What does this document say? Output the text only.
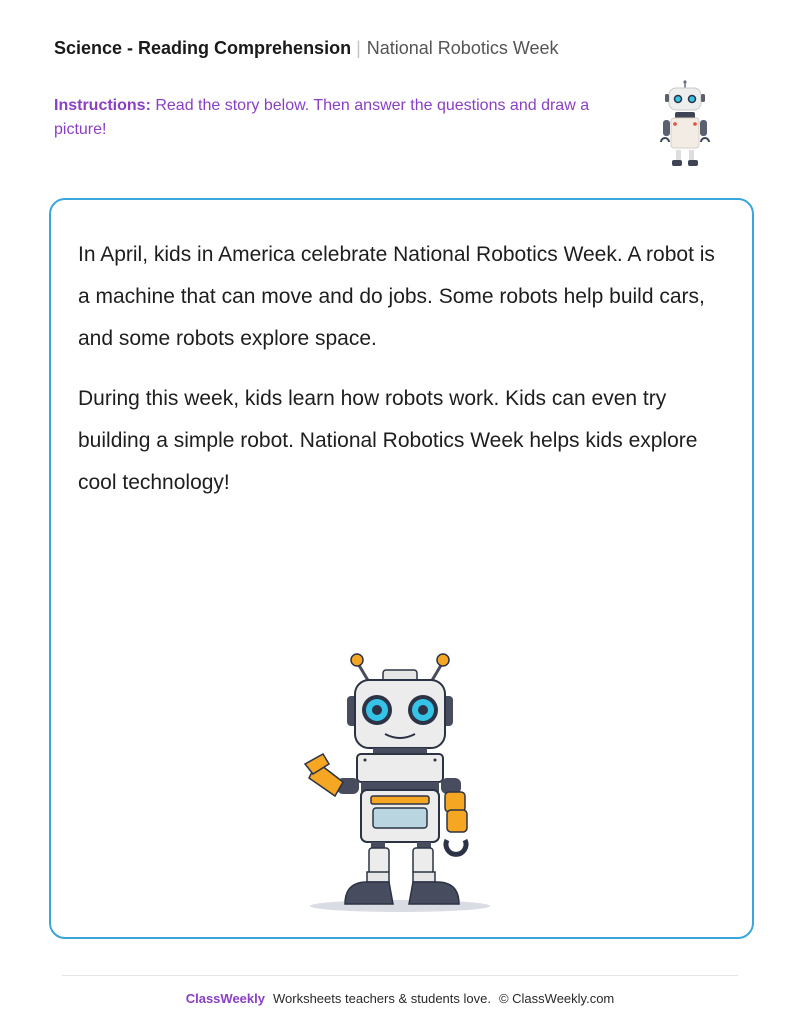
Science - Reading Comprehension | National Robotics Week
Instructions: Read the story below. Then answer the questions and draw a picture!

In April, kids in America celebrate National Robotics Week. A robot is a machine that can move and do jobs. Some robots help build cars, and some robots explore space.

During this week, kids learn how robots work. Kids can even try building a simple robot. National Robotics Week helps kids explore cool technology!

ClassWeekly Worksheets teachers & students love. © ClassWeekly.com
